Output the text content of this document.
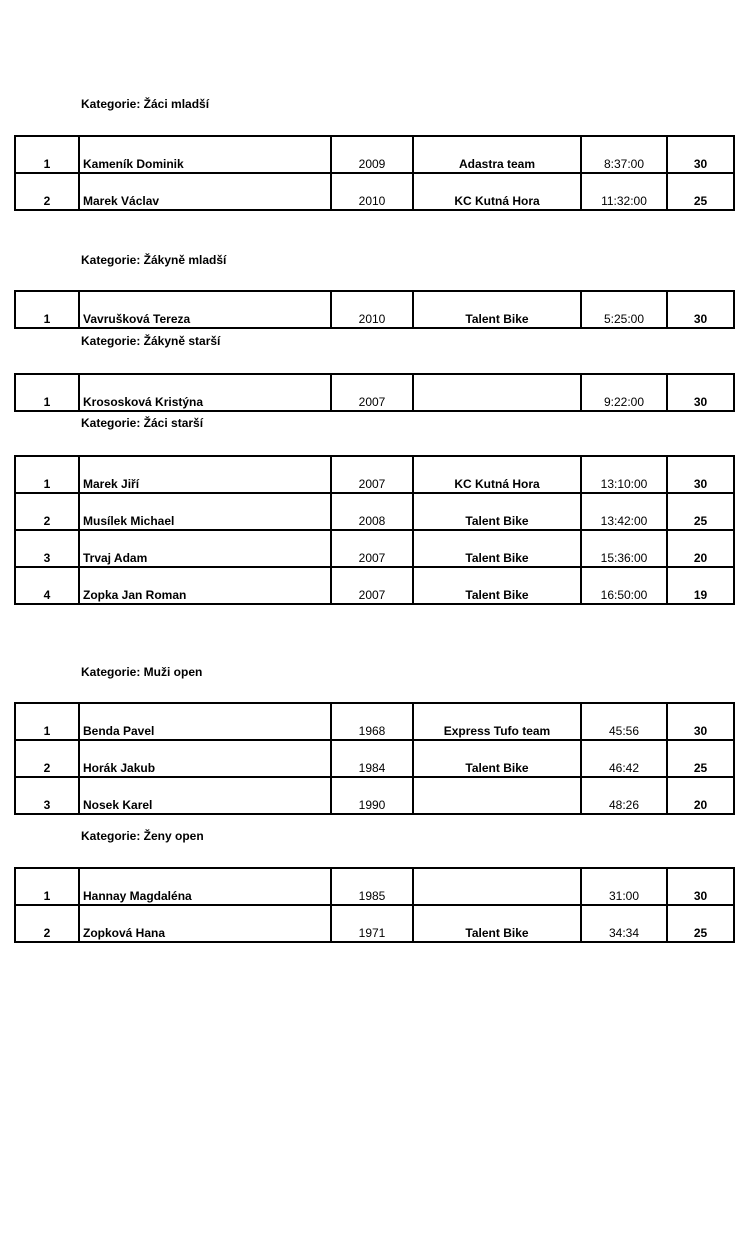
Kategorie: Žáci mladší
1	Kameník Dominik	2009	Adastra team	8:37:00	30
2	Marek Václav	2010	KC Kutná Hora	11:32:00	25
Kategorie: Žákyně mladší
1	Vavrušková Tereza	2010	Talent Bike	5:25:00	30
Kategorie: Žákyně starší
1	Krososková Kristýna	2007		9:22:00	30
Kategorie: Žáci starší
1	Marek Jiří	2007	KC Kutná Hora	13:10:00	30
2	Musílek Michael	2008	Talent Bike	13:42:00	25
3	Trvaj Adam	2007	Talent Bike	15:36:00	20
4	Zopka Jan Roman	2007	Talent Bike	16:50:00	19
Kategorie: Muži open
1	Benda Pavel	1968	Express Tufo team	45:56	30
2	Horák Jakub	1984	Talent Bike	46:42	25
3	Nosek Karel	1990		48:26	20
Kategorie: Ženy open
1	Hannay Magdaléna	1985		31:00	30
2	Zopková Hana	1971	Talent Bike	34:34	25
